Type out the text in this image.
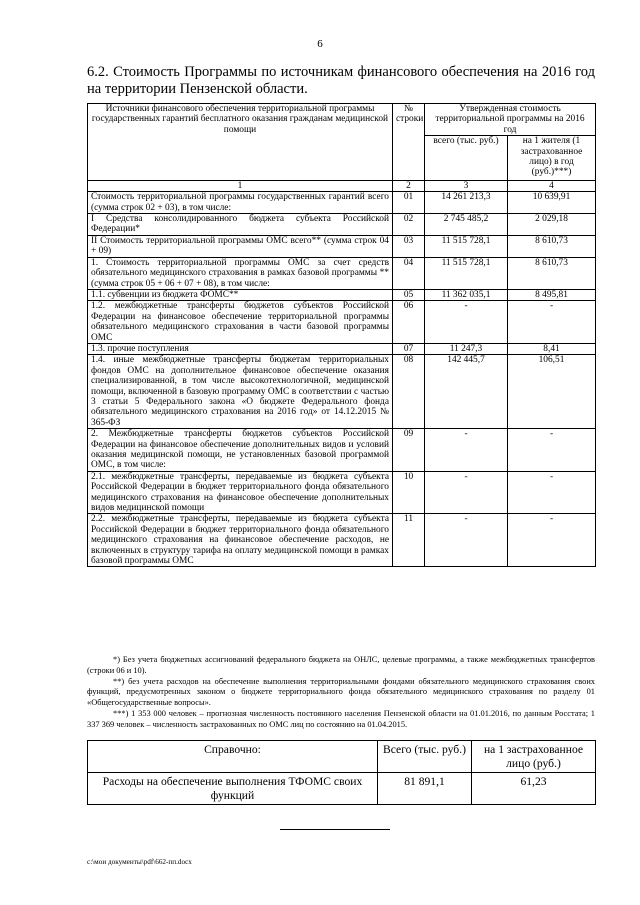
6
6.2. Стоимость Программы по источникам финансового обеспечения на 2016 год на территории Пензенской области.
Источники финансового обеспечения территориальной программы государственных гарантий бесплатного оказания гражданам медицинской помощи	№ строки	Утвержденная стоимость территориальной программы на 2016 год	
		всего (тыс. руб.)	на 1 жителя (1 застрахованное лицо) в год (руб.)***)
1	2	3	4
Стоимость территориальной программы государственных гарантий всего (сумма строк 02 + 03), в том числе:	01	14 261 213,3	10 639,91
I Средства консолидированного бюджета субъекта Российской Федерации*	02	2 745 485,2	2 029,18
II Стоимость территориальной программы ОМС всего** (сумма строк 04 + 09)	03	11 515 728,1	8 610,73
1. Стоимость территориальной программы ОМС за счет средств обязательного медицинского страхования в рамках базовой программы **(сумма строк 05 + 06 + 07 + 08), в том числе:	04	11 515 728,1	8 610,73
1.1. субвенции из бюджета ФОМС**	05	11 362 035,1	8 495,81
1.2. межбюджетные трансферты бюджетов субъектов Российской Федерации на финансовое обеспечение территориальной программы обязательного медицинского страхования в части базовой программы ОМС	06	-	-
1.3. прочие поступления	07	11 247,3	8,41
1.4. иные межбюджетные трансферты бюджетам территориальных фондов ОМС на дополнительное финансовое обеспечение оказания специализированной, в том числе высокотехнологичной, медицинской помощи, включенной в базовую программу ОМС в соответствии с частью 3 статьи 5 Федерального закона «О бюджете Федерального фонда обязательного медицинского страхования на 2016 год» от 14.12.2015 № 365-ФЗ	08	142 445,7	106,51
2. Межбюджетные трансферты бюджетов субъектов Российской Федерации на финансовое обеспечение дополнительных видов и условий оказания медицинской помощи, не установленных базовой программой ОМС, в том числе:	09	-	-
2.1. межбюджетные трансферты, передаваемые из бюджета субъекта Российской Федерации в бюджет территориального фонда обязательного медицинского страхования на финансовое обеспечение дополнительных видов медицинской помощи	10	-	-
2.2. межбюджетные трансферты, передаваемые из бюджета субъекта Российской Федерации в бюджет территориального фонда обязательного медицинского страхования на финансовое обеспечение расходов, не включенных в структуру тарифа на оплату медицинской помощи в рамках базовой программы ОМС	11	-	-

*) Без учета бюджетных ассигнований федерального бюджета на ОНЛС, целевые программы, а также межбюджетных трансфертов (строки 06 и 10).

**) без учета расходов на обеспечение выполнения территориальными фондами обязательного медицинского страхования своих функций, предусмотренных законом о бюджете территориального фонда обязательного медицинского страхования по разделу 01 «Общегосударственные вопросы».

***) 1 353 000 человек – прогнозная численность постоянного населения Пензенской области на 01.01.2016, по данным Росстата; 1 337 369 человек – численность застрахованных по ОМС лиц по состоянию на 01.04.2015.

Справочно:	Всего (тыс. руб.)	на 1 застрахованное лицо (руб.)
Расходы на обеспечение выполнения ТФОМС своих функций	81 891,1	61,23
c:\мои документы\pdf\662-пп.docx
